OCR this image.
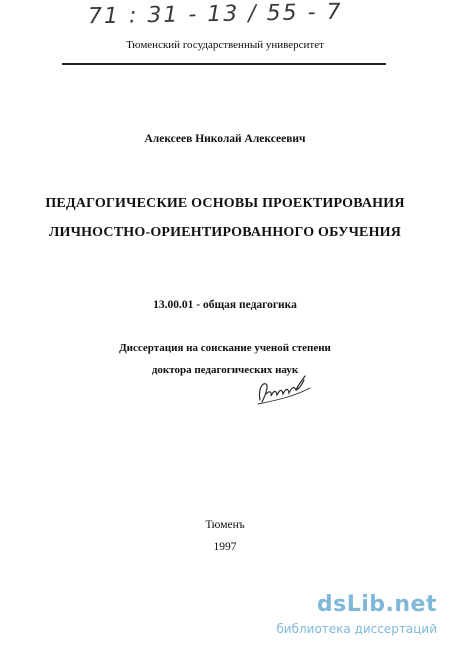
71 : 31 - 13 / 55 - 7
Тюменский государственный университет
Алексеев Николай Алексеевич
ПЕДАГОГИЧЕСКИЕ ОСНОВЫ ПРОЕКТИРОВАНИЯ
ЛИЧНОСТНО-ОРИЕНТИРОВАННОГО ОБУЧЕНИЯ
13.00.01 - общая педагогика
Диссертация на соискание ученой степени
доктора педагогических наук
Тюменъ
1997
dsLib.net
библиотека диссертаций
